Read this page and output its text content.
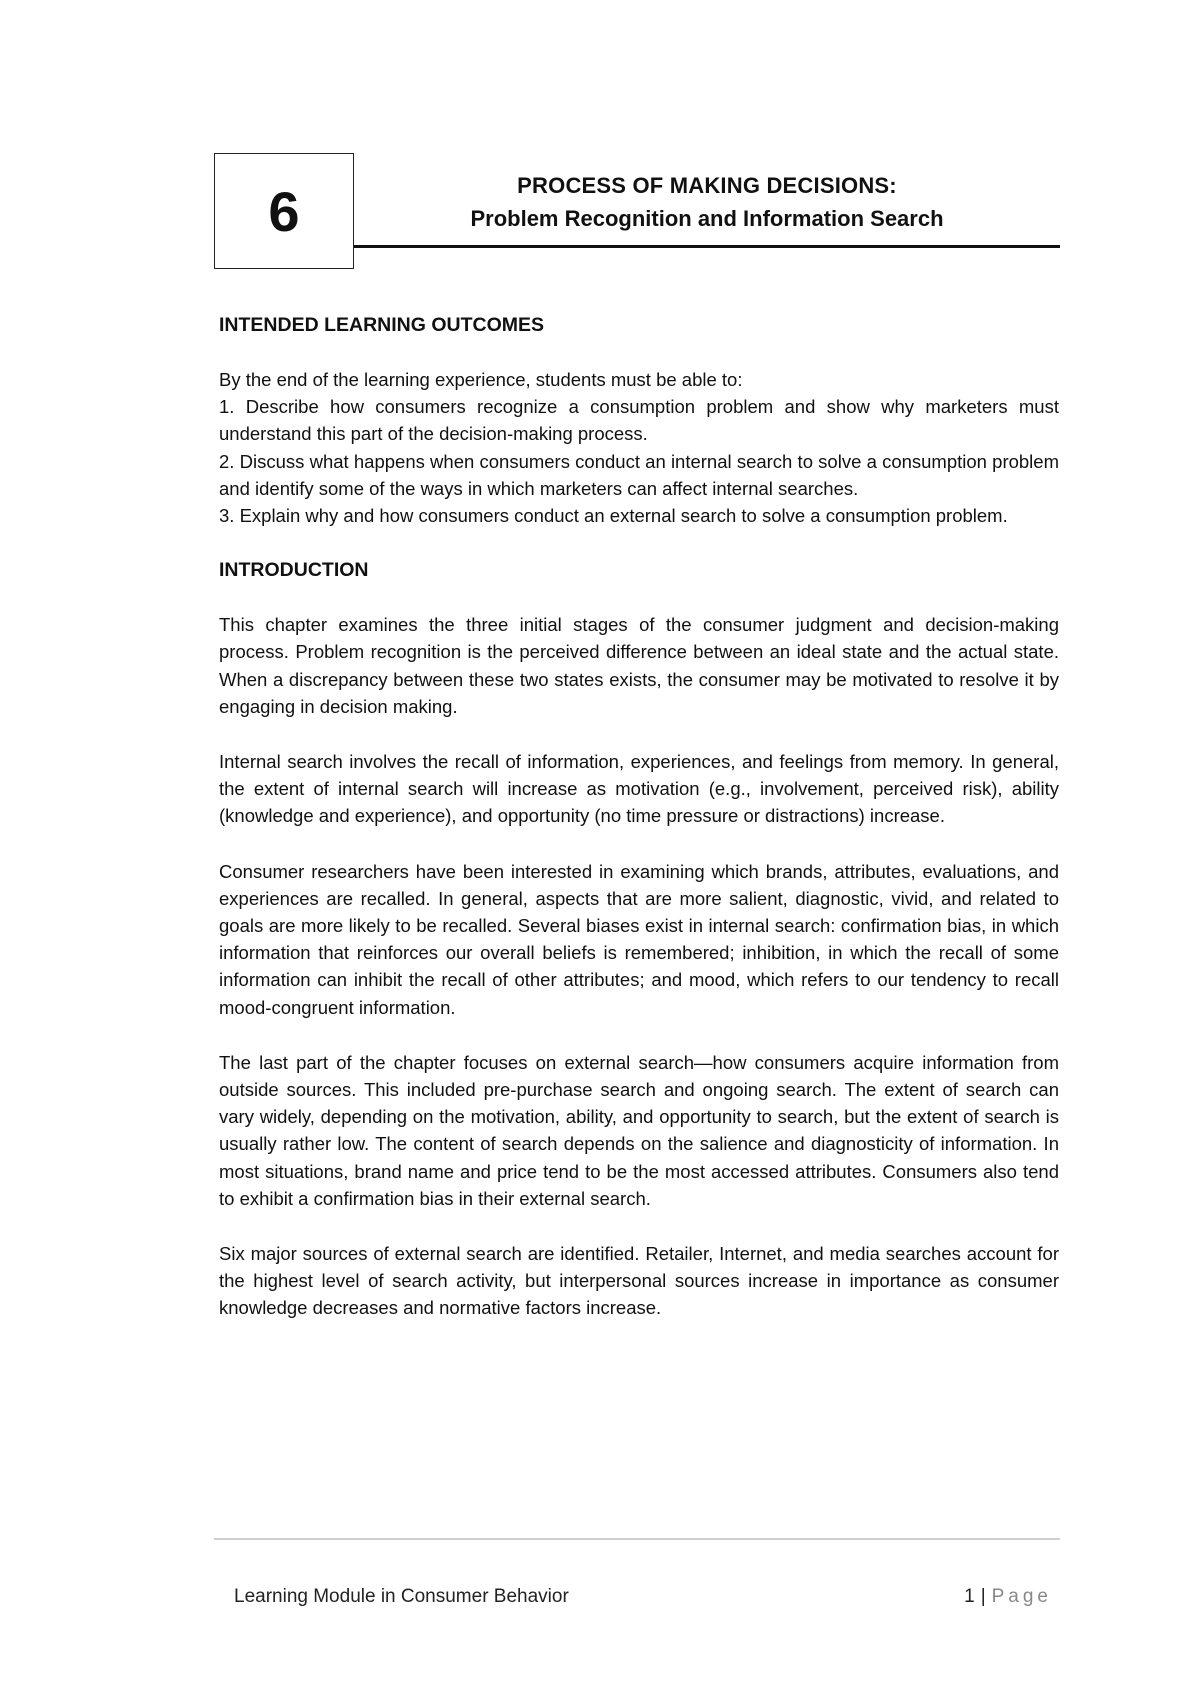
6	PROCESS OF MAKING DECISIONS:
Problem Recognition and Information Search
INTENDED LEARNING OUTCOMES

By the end of the learning experience, students must be able to:

1. Describe how consumers recognize a consumption problem and show why marketers must understand this part of the decision-making process.

2. Discuss what happens when consumers conduct an internal search to solve a consumption problem and identify some of the ways in which marketers can affect internal searches.

3. Explain why and how consumers conduct an external search to solve a consumption problem.

INTRODUCTION

This chapter examines the three initial stages of the consumer judgment and decision-making process. Problem recognition is the perceived difference between an ideal state and the actual state. When a discrepancy between these two states exists, the consumer may be motivated to resolve it by engaging in decision making.

Internal search involves the recall of information, experiences, and feelings from memory. In general, the extent of internal search will increase as motivation (e.g., involvement, perceived risk), ability (knowledge and experience), and opportunity (no time pressure or distractions) increase.

Consumer researchers have been interested in examining which brands, attributes, evaluations, and experiences are recalled. In general, aspects that are more salient, diagnostic, vivid, and related to goals are more likely to be recalled. Several biases exist in internal search: confirmation bias, in which information that reinforces our overall beliefs is remembered; inhibition, in which the recall of some information can inhibit the recall of other attributes; and mood, which refers to our tendency to recall mood-congruent information.

The last part of the chapter focuses on external search—how consumers acquire information from outside sources. This included pre-purchase search and ongoing search. The extent of search can vary widely, depending on the motivation, ability, and opportunity to search, but the extent of search is usually rather low. The content of search depends on the salience and diagnosticity of information. In most situations, brand name and price tend to be the most accessed attributes. Consumers also tend to exhibit a confirmation bias in their external search.

Six major sources of external search are identified. Retailer, Internet, and media searches account for the highest level of search activity, but interpersonal sources increase in importance as consumer knowledge decreases and normative factors increase.

Learning Module in Consumer Behavior	1 | Page
